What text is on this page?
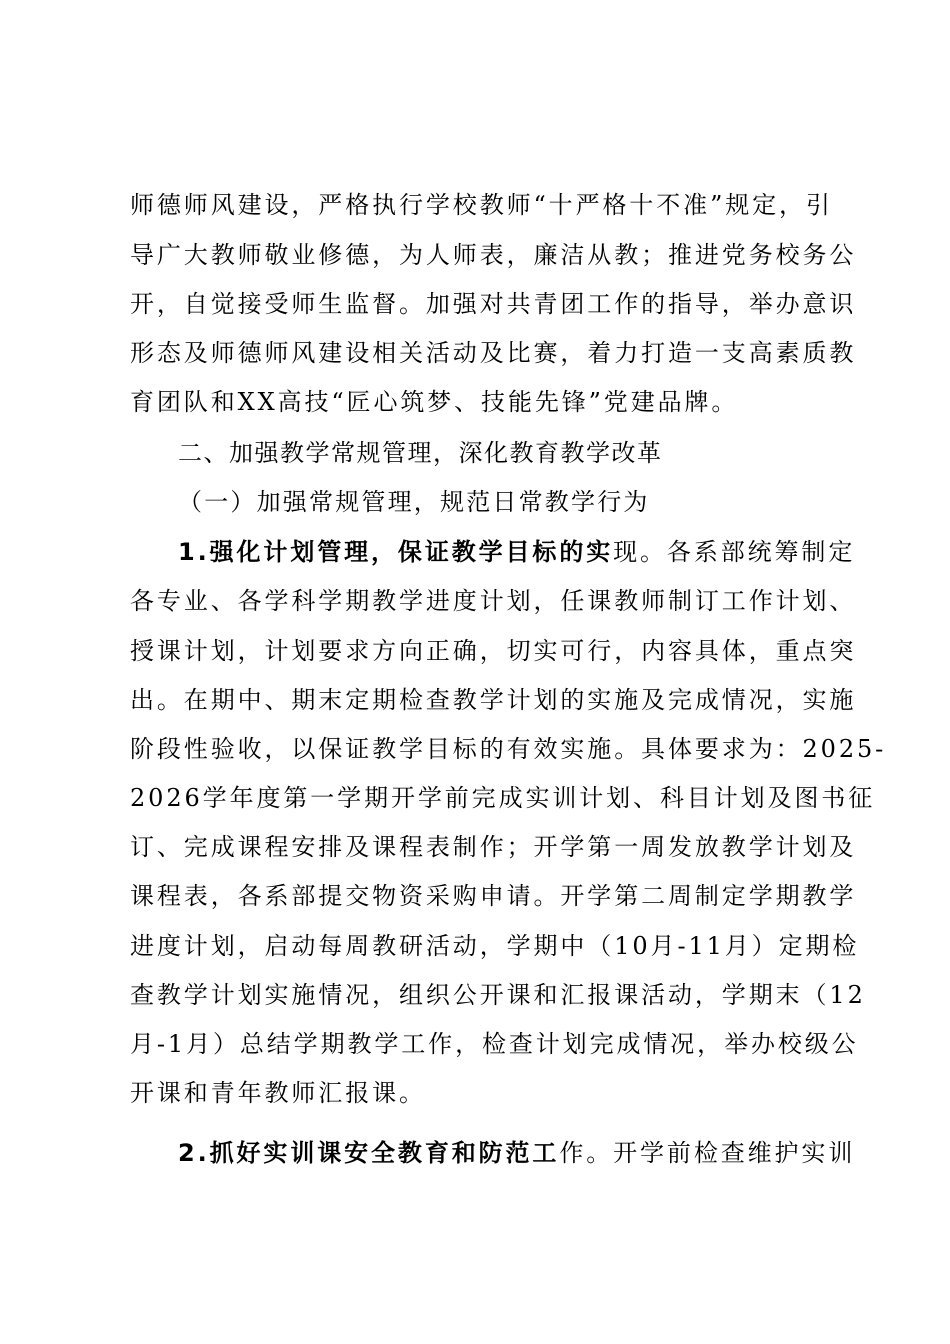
师德师风建设，严格执行学校教师“十严格十不准”规定，引
导广大教师敬业修德，为人师表，廉洁从教；推进党务校务公
开，自觉接受师生监督。加强对共青团工作的指导，举办意识
形态及师德师风建设相关活动及比赛，着力打造一支高素质教
育团队和XX高技“匠心筑梦、技能先锋”党建品牌。
二、加强教学常规管理，深化教育教学改革
（一）加强常规管理，规范日常教学行为
1.强化计划管理，保证教学目标的实现。各系部统筹制定
各专业、各学科学期教学进度计划，任课教师制订工作计划、
授课计划，计划要求方向正确，切实可行，内容具体，重点突
出。在期中、期末定期检查教学计划的实施及完成情况，实施
阶段性验收，以保证教学目标的有效实施。具体要求为：2025-
2026学年度第一学期开学前完成实训计划、科目计划及图书征
订、完成课程安排及课程表制作；开学第一周发放教学计划及
课程表，各系部提交物资采购申请。开学第二周制定学期教学
进度计划，启动每周教研活动，学期中（10月-11月）定期检
查教学计划实施情况，组织公开课和汇报课活动，学期末（12
月-1月）总结学期教学工作，检查计划完成情况，举办校级公
开课和青年教师汇报课。
2.抓好实训课安全教育和防范工作。开学前检查维护实训
